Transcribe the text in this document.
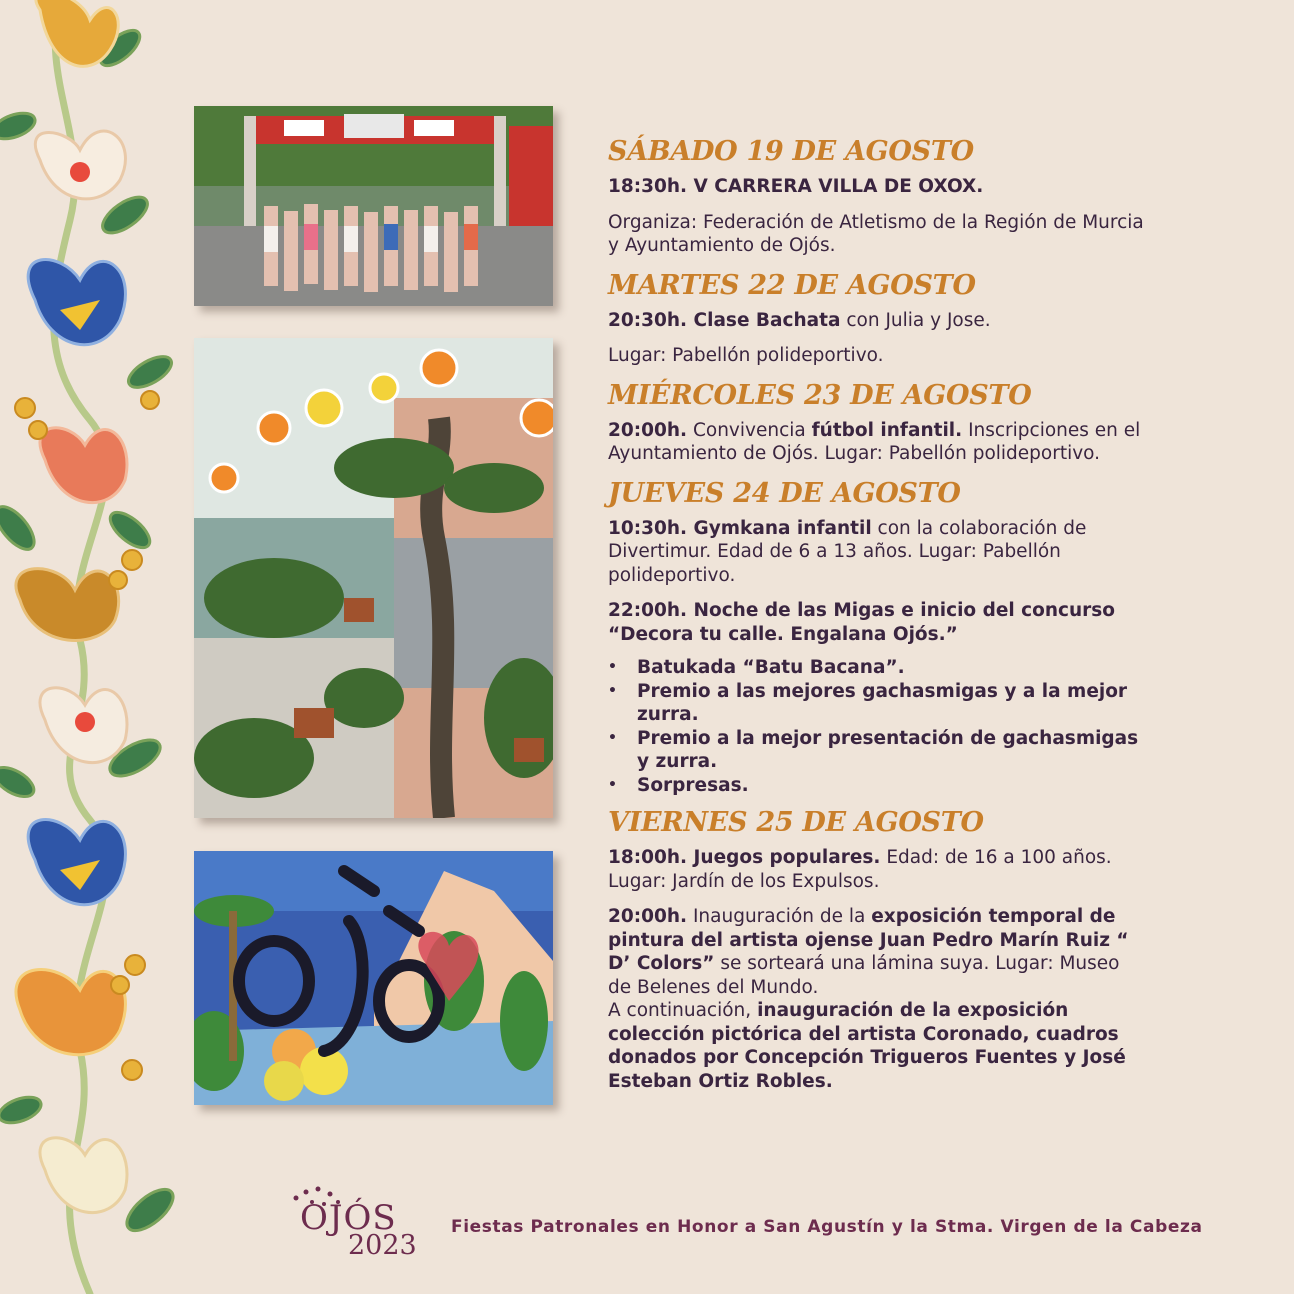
SÁBADO 19 DE AGOSTO
18:30h. V CARRERA VILLA DE OXOX.
Organiza: Federación de Atletismo de la Región de Murcia y Ayuntamiento de Ojós.
MARTES 22 DE AGOSTO
20:30h. Clase Bachata con Julia y Jose.
Lugar: Pabellón polideportivo.
MIÉRCOLES 23 DE AGOSTO
20:00h. Convivencia fútbol infantil. Inscripciones en el Ayuntamiento de Ojós. Lugar: Pabellón polideportivo.
JUEVES 24 DE AGOSTO
10:30h. Gymkana infantil con la colaboración de Divertimur. Edad de 6 a 13 años. Lugar: Pabellón polideportivo.
22:00h. Noche de las Migas e inicio del concurso “Decora tu calle. Engalana Ojós.”
• Batukada “Batu Bacana”.
• Premio a las mejores gachasmigas y a la mejor zurra.
• Premio a la mejor presentación de gachasmigas y zurra.
• Sorpresas.
VIERNES 25 DE AGOSTO
18:00h. Juegos populares. Edad: de 16 a 100 años. Lugar: Jardín de los Expulsos.
20:00h. Inauguración de la exposición temporal de pintura del artista ojense Juan Pedro Marín Ruiz “ D’ Colors” se sorteará una lámina suya. Lugar: Museo de Belenes del Mundo.
A continuación, inauguración de la exposición colección pictórica del artista Coronado, cuadros donados por Concepción Trigueros Fuentes y José Esteban Ortiz Robles.
OJÓS
2023
Fiestas Patronales en Honor a San Agustín y la Stma. Virgen de la Cabeza
